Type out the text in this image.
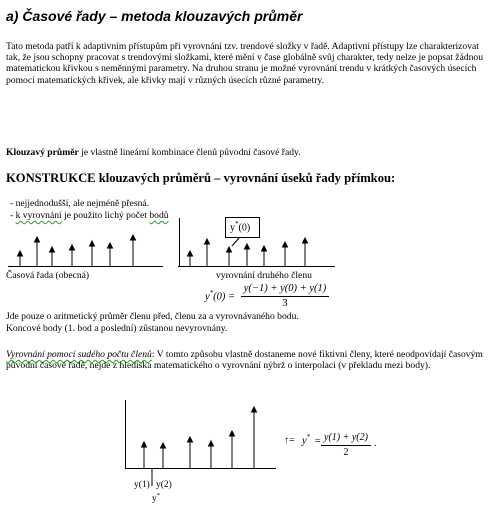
a) Časové řady – metoda klouzavých průměr
Tato metoda patří k adaptivním přístupům při vyrovnání tzv. trendové složky v řadě. Adaptivní přístupy lze charakterizovat tak, že jsou schopny pracovat s trendovými složkami, které mění v čase globálně svůj charakter, tedy nelze je popsat žádnou matematickou křivkou s neměnnými parametry. Na druhou stranu je možné vyrovnání trendu v krátkých časových úsecích pomocí matematických křivek, ale křivky mají v různých úsecích různé parametry.
Klouzavý průměr je vlastně lineární kombinace členů původní časové řady.
KONSTRUKCE klouzavých průměrů – vyrovnání úseků řady přímkou:
- nejjednodušší, ale nejméně přesná.
- k vyrovnání je použito lichý počet bodů
y*(0)
Časová řada (obecná)	vyrovnání druhého členu
y*(0) =
y(−1) + y(0) + y(1)
3
Jde pouze o aritmetický průměr členu před, členu za a vyrovnávaného bodu.
Koncové body (1. bod a poslední) zůstanou nevyrovnány.
Vyrovnání pomocí sudého počtu členů: V tomto způsobu vlastně dostaneme nové fiktivní členy, které neodpovídají časovým původní časové řadě, nejde z hlediska matematického o vyrovnání nýbrž o interpolaci (v překladu mezi body).
↑= y* = y(1) + y(2)
2
.
y(1) y(2)
y*
